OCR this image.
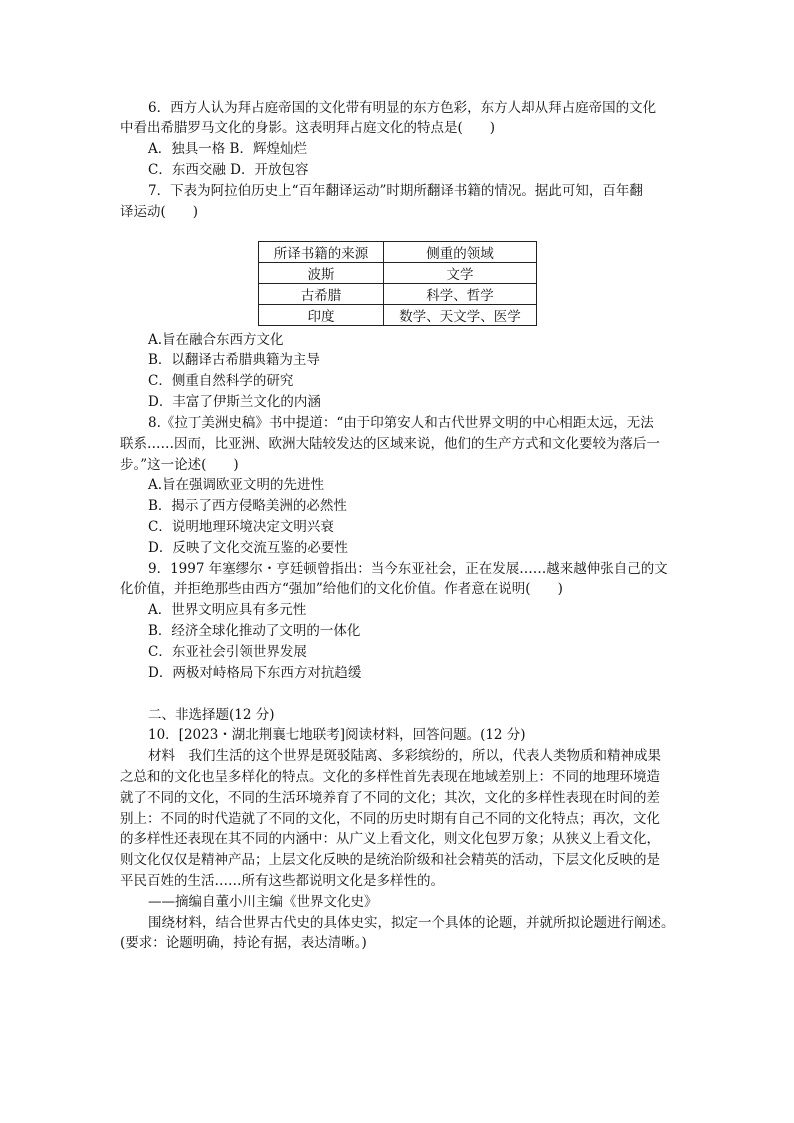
6．西方人认为拜占庭帝国的文化带有明显的东方色彩，东方人却从拜占庭帝国的文化
中看出希腊罗马文化的身影。这表明拜占庭文化的特点是(　　)
A．独具一格 B．辉煌灿烂
C．东西交融 D．开放包容
7．下表为阿拉伯历史上“百年翻译运动”时期所翻译书籍的情况。据此可知，百年翻
译运动(　　)
所译书籍的来源	侧重的领域
波斯	文学
古希腊	科学、哲学
印度	数学、天文学、医学
A.旨在融合东西方文化
B．以翻译古希腊典籍为主导
C．侧重自然科学的研究
D．丰富了伊斯兰文化的内涵
8.《拉丁美洲史稿》书中提道：“由于印第安人和古代世界文明的中心相距太远，无法
联系……因而，比亚洲、欧洲大陆较发达的区域来说，他们的生产方式和文化要较为落后一
步。”这一论述(　　)
A.旨在强调欧亚文明的先进性
B．揭示了西方侵略美洲的必然性
C．说明地理环境决定文明兴衰
D．反映了文化交流互鉴的必要性
9．1997 年塞缪尔・亨廷顿曾指出：当今东亚社会，正在发展……越来越伸张自己的文
化价值，并拒绝那些由西方“强加”给他们的文化价值。作者意在说明(　　)
A．世界文明应具有多元性
B．经济全球化推动了文明的一体化
C．东亚社会引领世界发展
D．两极对峙格局下东西方对抗趋缓
二、非选择题(12 分)
10．[2023・湖北荆襄七地联考]阅读材料，回答问题。(12 分)
材料　我们生活的这个世界是斑驳陆离、多彩缤纷的，所以，代表人类物质和精神成果
之总和的文化也呈多样化的特点。文化的多样性首先表现在地域差别上：不同的地理环境造
就了不同的文化，不同的生活环境养育了不同的文化；其次，文化的多样性表现在时间的差
别上：不同的时代造就了不同的文化，不同的历史时期有自己不同的文化特点；再次，文化
的多样性还表现在其不同的内涵中：从广义上看文化，则文化包罗万象；从狭义上看文化，
则文化仅仅是精神产品；上层文化反映的是统治阶级和社会精英的活动，下层文化反映的是
平民百姓的生活……所有这些都说明文化是多样性的。
——摘编自董小川主编《世界文化史》
围绕材料，结合世界古代史的具体史实，拟定一个具体的论题，并就所拟论题进行阐述。
(要求：论题明确，持论有据，表达清晰。)
